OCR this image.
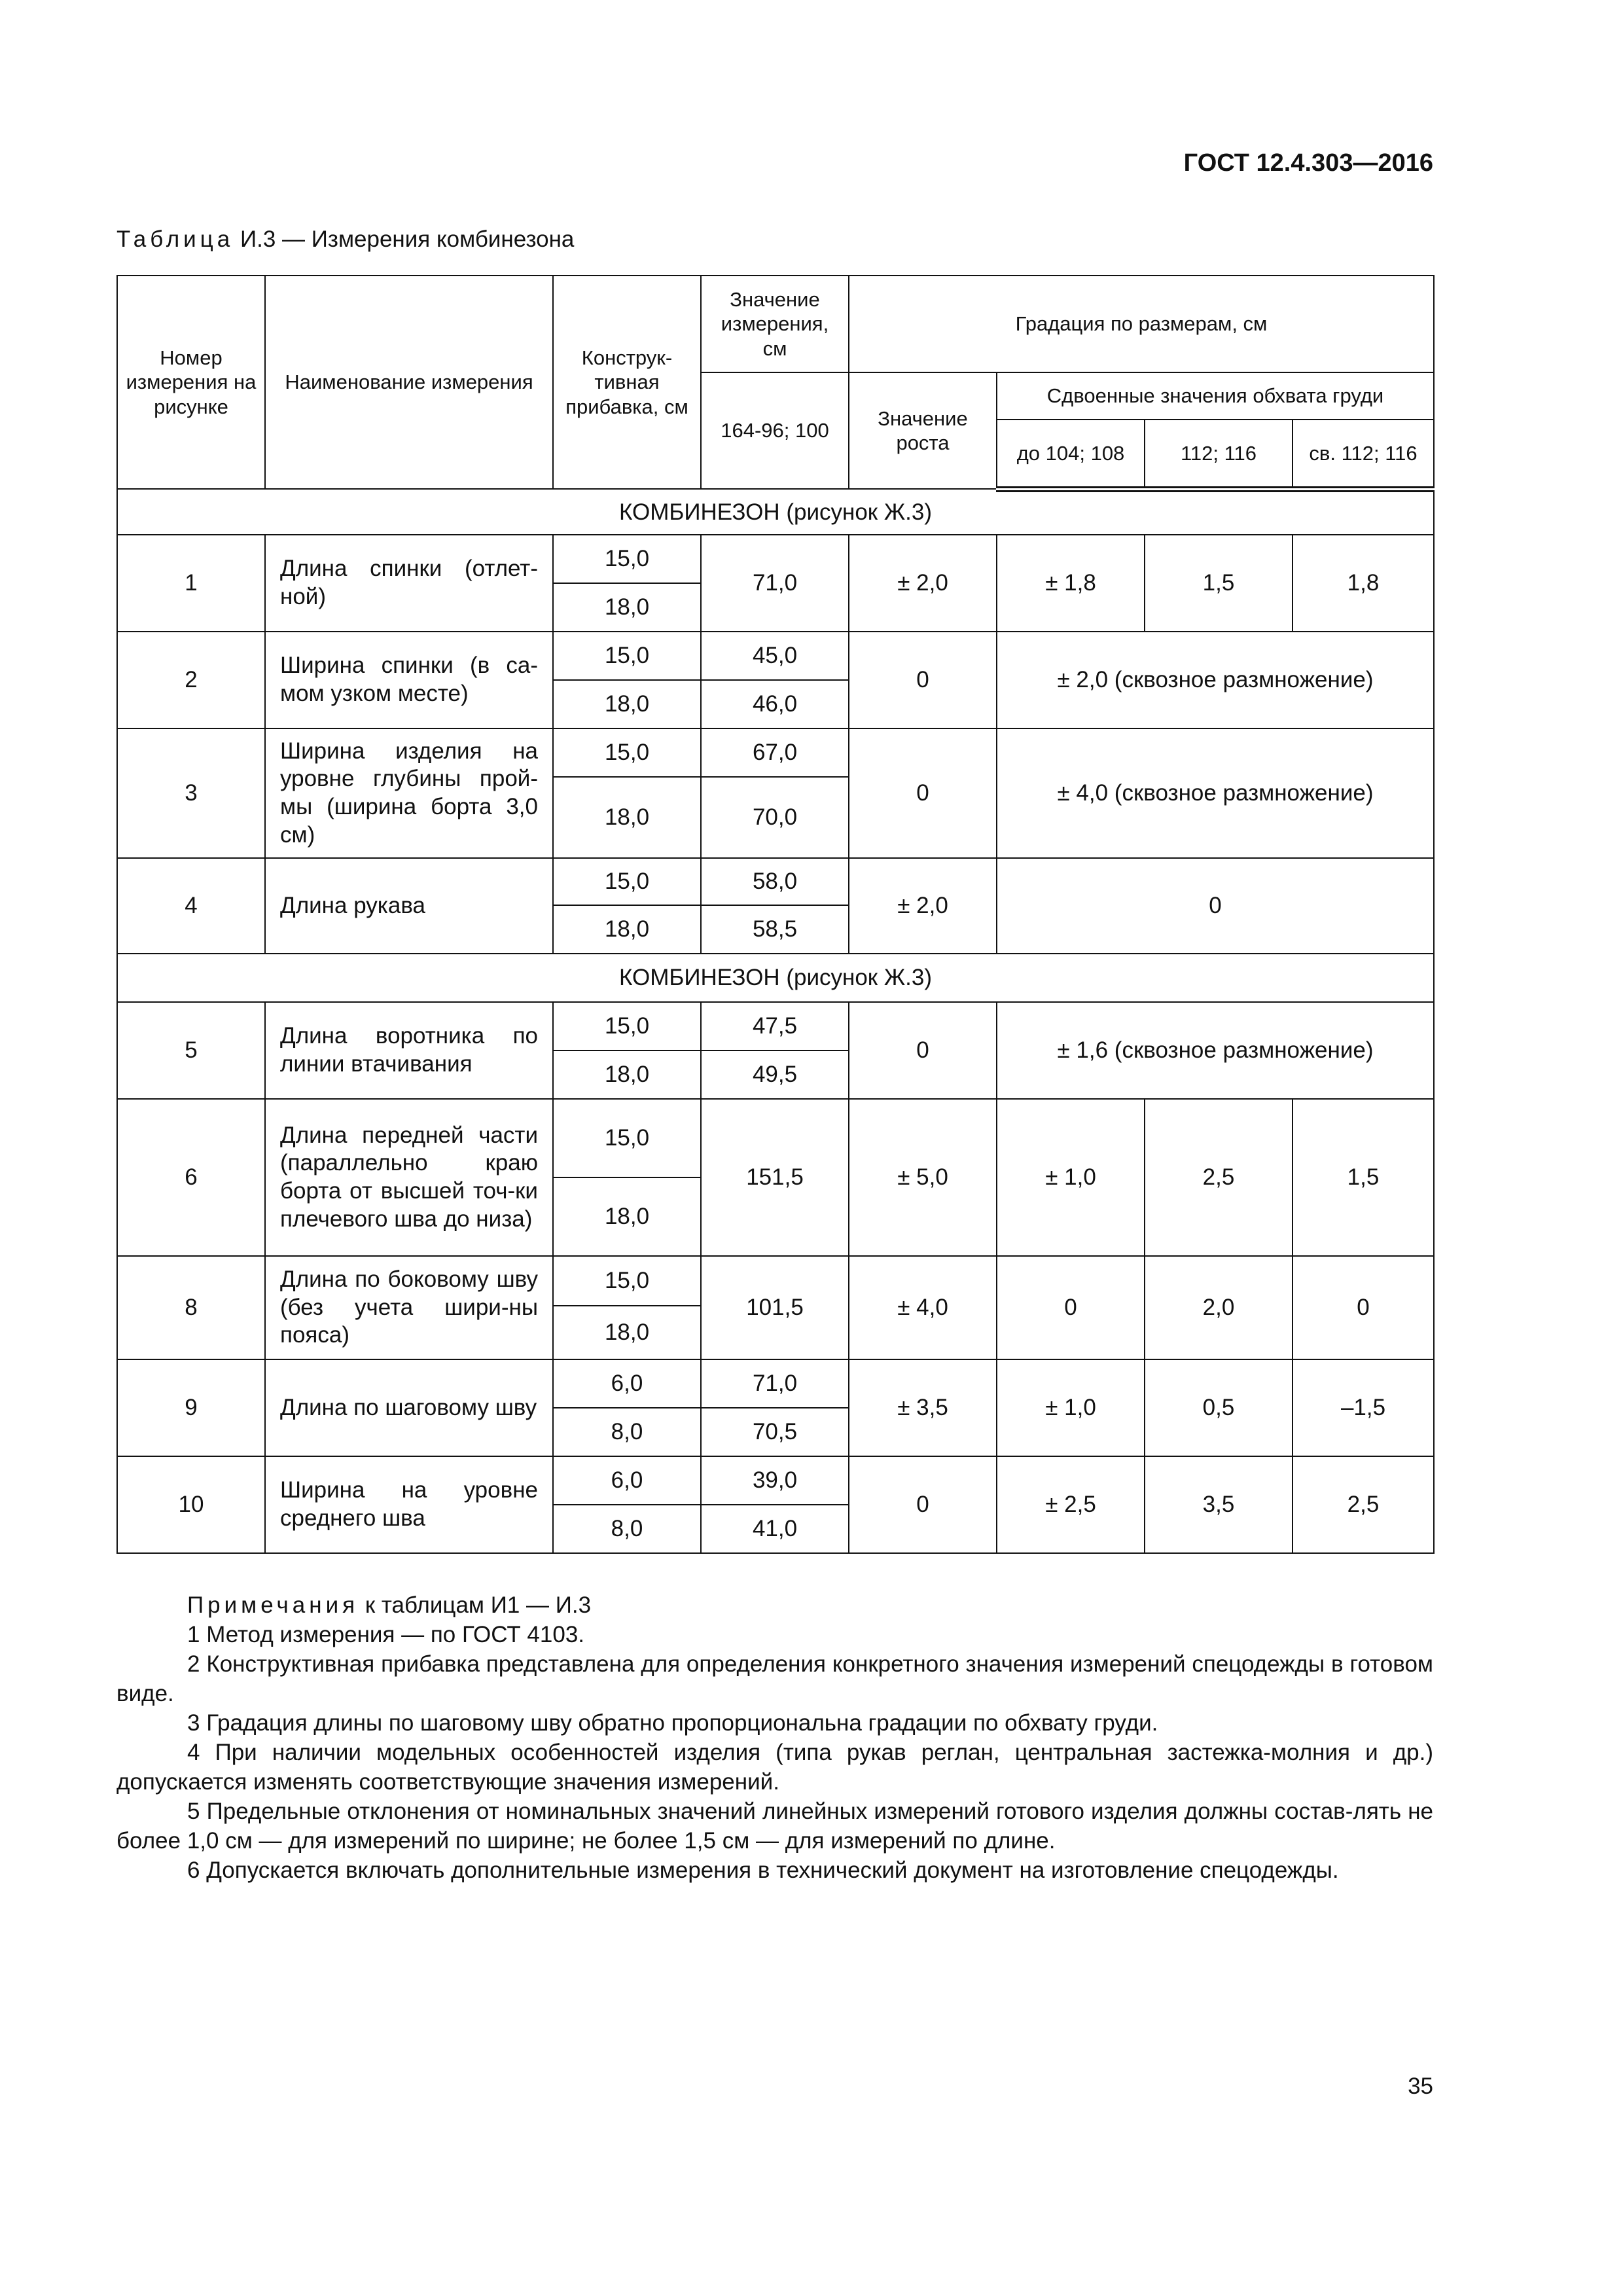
ГОСТ 12.4.303—2016
Таблица И.3 — Измерения комбинезона
Номер измерения на рисунке	Наименование измерения	Конструк-тивная прибавка, см	Значение измерения, см	Градация по размерам, см			
			164-96; 100	Значение роста	Сдвоенные значения обхвата груди		
					до 104; 108	112; 116	св. 112; 116
КОМБИНЕЗОН (рисунок Ж.3)							
1	Длина спинки (отлет-ной)	15,0	71,0	± 2,0	± 1,8	1,5	1,8
		18,0					
2	Ширина спинки (в са-мом узком месте)	15,0	45,0	0	± 2,0 (сквозное размножение)		
		18,0	46,0				
3	Ширина изделия на уровне глубины прой-мы (ширина борта 3,0 см)	15,0	67,0	0	± 4,0 (сквозное размножение)		
		18,0	70,0				
4	Длина рукава	15,0	58,0	± 2,0	0		
		18,0	58,5				
КОМБИНЕЗОН (рисунок Ж.3)							
5	Длина воротника по линии втачивания	15,0	47,5	0	± 1,6 (сквозное размножение)		
		18,0	49,5				
6	Длина передней части (параллельно краю борта от высшей точ-ки плечевого шва до низа)	15,0	151,5	± 5,0	± 1,0	2,5	1,5
		18,0					
8	Длина по боковому шву (без учета шири-ны пояса)	15,0	101,5	± 4,0	0	2,0	0
		18,0					
9	Длина по шаговому шву	6,0	71,0	± 3,5	± 1,0	0,5	–1,5
		8,0	70,5				
10	Ширина на уровне среднего шва	6,0	39,0	0	± 2,5	3,5	2,5
		8,0	41,0				

Примечания к таблицам И1 — И.3

1 Метод измерения — по ГОСТ 4103.

2 Конструктивная прибавка представлена для определения конкретного значения измерений спецодежды в готовом виде.

3 Градация длины по шаговому шву обратно пропорциональна градации по обхвату груди.

4 При наличии модельных особенностей изделия (типа рукав реглан, центральная застежка-молния и др.) допускается изменять соответствующие значения измерений.

5 Предельные отклонения от номинальных значений линейных измерений готового изделия должны состав-лять не более 1,0 см — для измерений по ширине; не более 1,5 см — для измерений по длине.

6 Допускается включать дополнительные измерения в технический документ на изготовление спецодежды.

35
